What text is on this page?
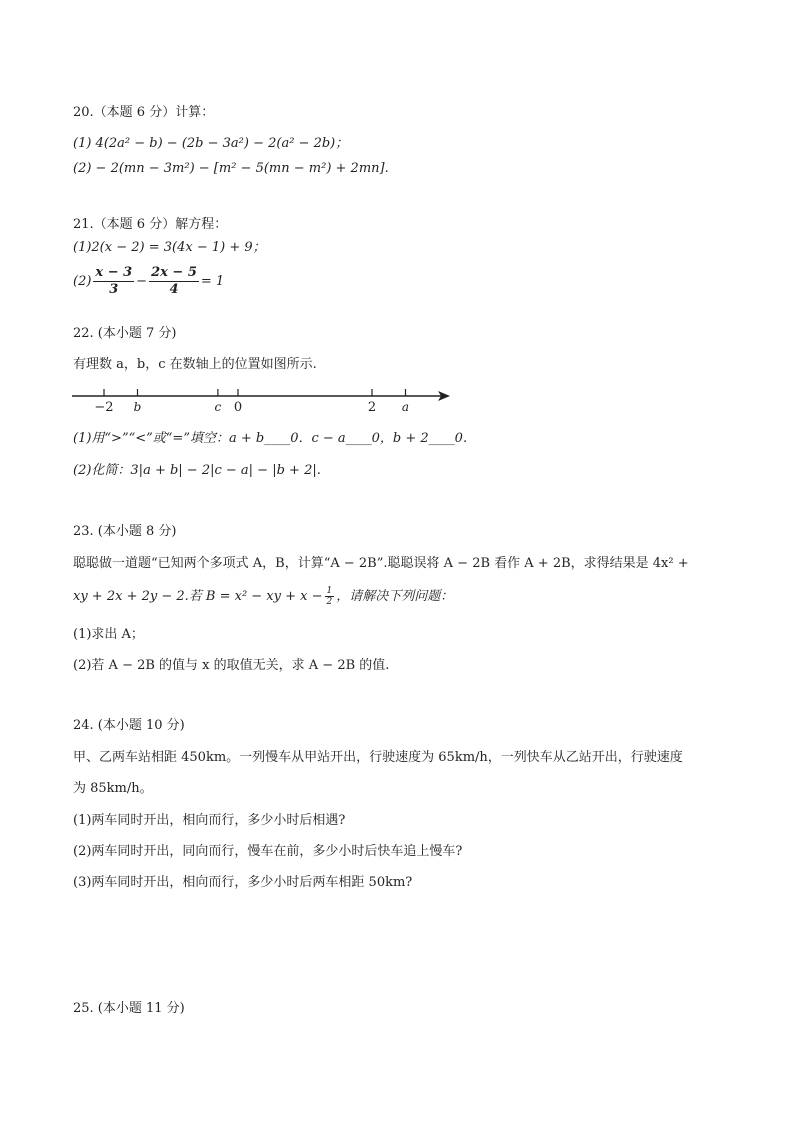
20.（本题 6 分）计算：
(1) 4(2a² − b) − (2b − 3a²) − 2(a² − 2b)；
(2) − 2(mn − 3m²) − [m² − 5(mn − m²) + 2mn].
21.（本题 6 分）解方程：
(1)2(x − 2) = 3(4x − 1) + 9；
$(2) \frac{x - 3}{3} - \frac{2x - 5}{4} = 1$
22. (本小题 7 分)
有理数 a，b，c 在数轴上的位置如图所示.
−2 b	c 0	2 a
(1)用“>”“<”或“=”填空：a + b____0．c − a____0，b + 2____0.
(2)化简：3|a + b| − 2|c − a| − |b + 2|.
23. (本小题 8 分)
聪聪做一道题“已知两个多项式 A，B，计算“A − 2B”.聪聪误将 A − 2B 看作 A + 2B，求得结果是 4x² +
xy + 2x + 2y − 2.若 B = x² − xy + $x - \frac{1}{2}$ ，请解决下列问题：
(1)求出 A；
(2)若 A − 2B 的值与 x 的取值无关，求 A − 2B 的值.
24. (本小题 10 分)
甲、乙两车站相距 450km。一列慢车从甲站开出，行驶速度为 65km/h，一列快车从乙站开出，行驶速度
为 85km/h。
(1)两车同时开出，相向而行，多少小时后相遇?
(2)两车同时开出，同向而行，慢车在前，多少小时后快车追上慢车?
(3)两车同时开出，相向而行，多少小时后两车相距 50km?
25. (本小题 11 分)
